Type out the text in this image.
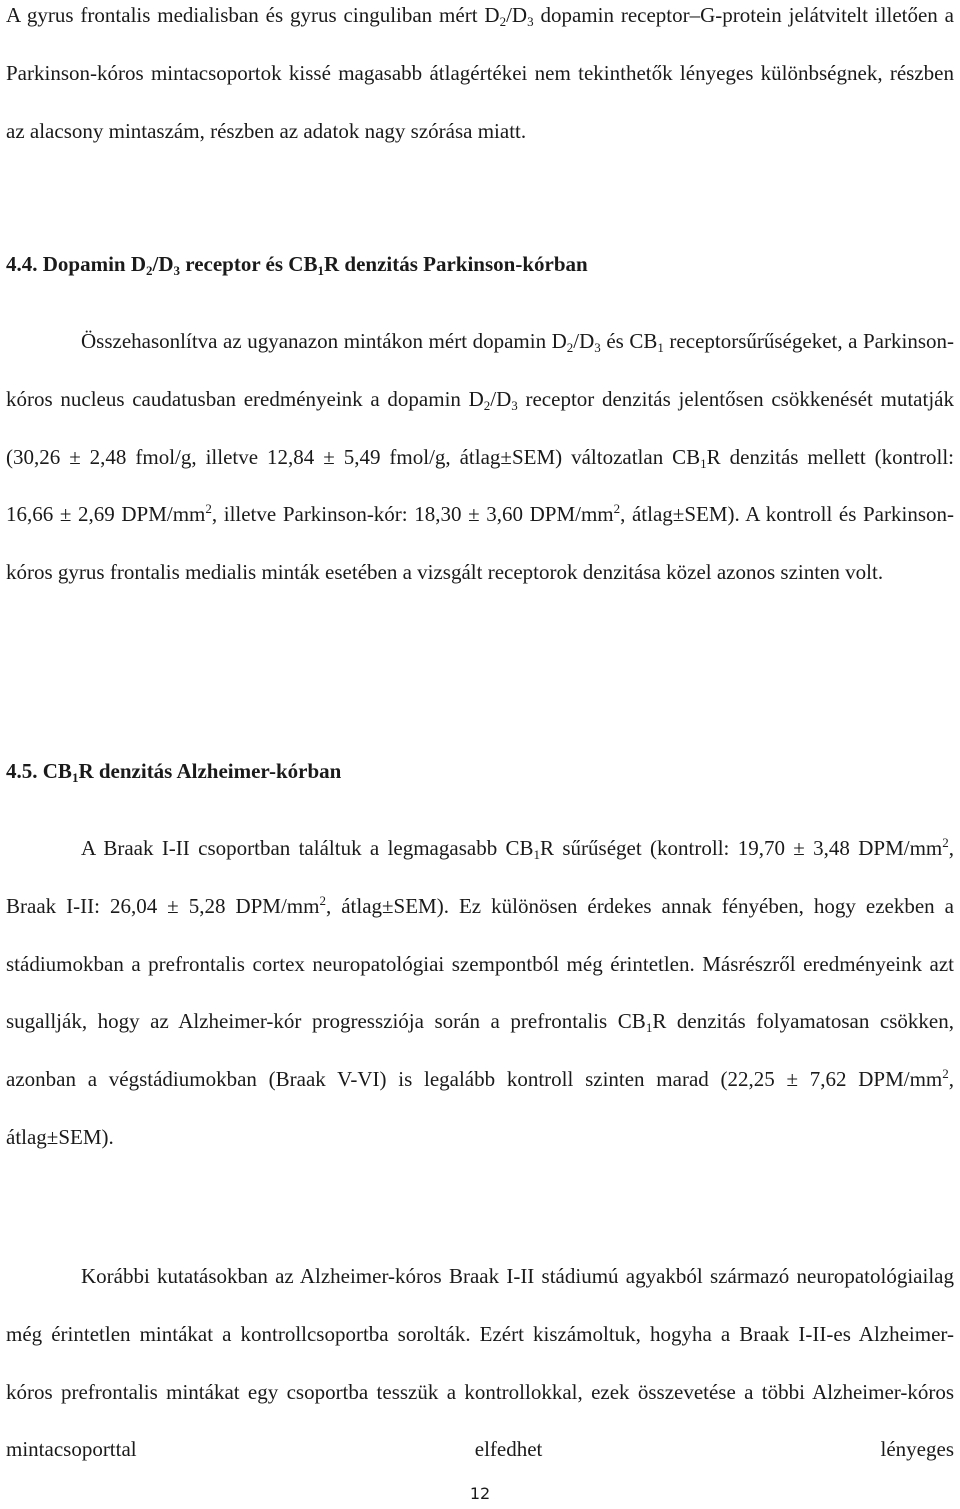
A gyrus frontalis medialisban és gyrus cinguliban mért $D_2/D_3$ dopamin receptor–G-protein jelátvitelt illetően a Parkinson-kóros mintacsoportok kissé magasabb átlagértékei nem tekinthetők lényeges különbségnek, részben az alacsony mintaszám, részben az adatok nagy szórása miatt.

4.4. Dopamin $D_2/D_3$ receptor és $CB_1R$ denzitás Parkinson-kórban

Összehasonlítva az ugyanazon mintákon mért dopamin $D_2/D_3$ és $CB_1$ receptorsűrűségeket, a Parkinson-kóros nucleus caudatusban eredményeink a dopamin $D_2/D_3$ receptor denzitás jelentősen csökkenését mutatják (30,26 ± 2,48 fmol/g, illetve 12,84 ± 5,49 fmol/g, átlag±SEM) változatlan $CB_1R$ denzitás mellett (kontroll: 16,66 ± 2,69 DPM/$mm^2$, illetve Parkinson-kór: 18,30 ± 3,60 DPM/$mm^2$, átlag±SEM). A kontroll és Parkinson-kóros gyrus frontalis medialis minták esetében a vizsgált receptorok denzitása közel azonos szinten volt.

4.5. $CB_1R$ denzitás Alzheimer-kórban

A Braak I-II csoportban találtuk a legmagasabb $CB_1R$ sűrűséget (kontroll: 19,70 ± 3,48 DPM/$mm^2$, Braak I-II: 26,04 ± 5,28 DPM/$mm^2$, átlag±SEM). Ez különösen érdekes annak fényében, hogy ezekben a stádiumokban a prefrontalis cortex neuropatológiai szempontból még érintetlen. Másrészről eredményeink azt sugallják, hogy az Alzheimer-kór progressziója során a prefrontalis $CB_1R$ denzitás folyamatosan csökken, azonban a végstádiumokban (Braak V-VI) is legalább kontroll szinten marad (22,25 ± 7,62 DPM/$mm^2$, átlag±SEM).

Korábbi kutatásokban az Alzheimer-kóros Braak I-II stádiumú agyakból származó neuropatológiailag még érintetlen mintákat a kontrollcsoportba sorolták. Ezért kiszámoltuk, hogyha a Braak I-II-es Alzheimer-kóros prefrontalis mintákat egy csoportba tesszük a kontrollokkal, ezek összevetése a többi Alzheimer-kóros mintacsoporttal elfedhet lényeges

12
